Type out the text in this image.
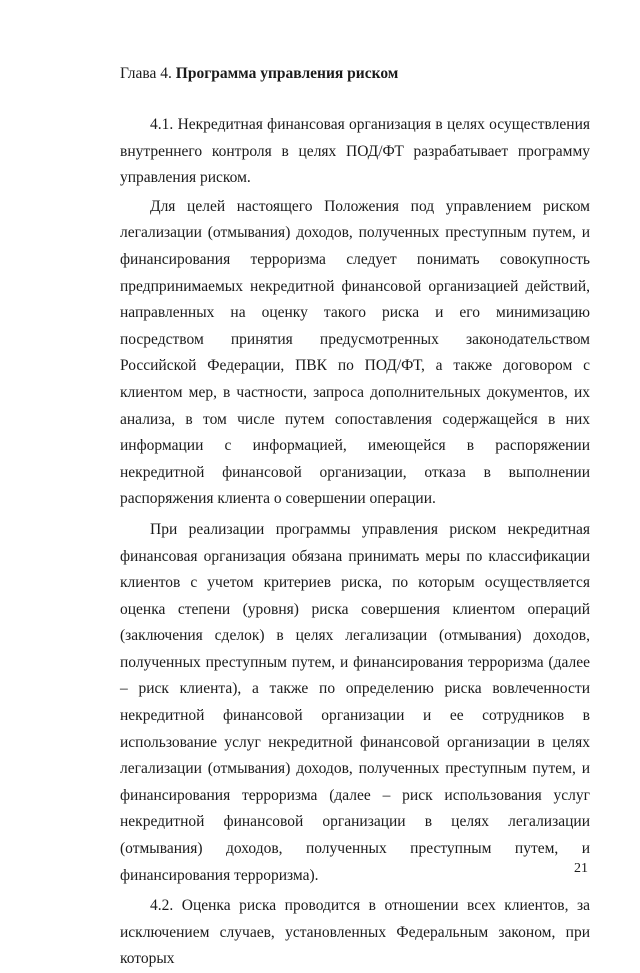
Глава 4. Программа управления риском

4.1. Некредитная финансовая организация в целях осуществления внутреннего контроля в целях ПОД/ФТ разрабатывает программу управления риском.

Для целей настоящего Положения под управлением риском легализации (отмывания) доходов, полученных преступным путем, и финансирования терроризма следует понимать совокупность предпринимаемых некредитной финансовой организацией действий, направленных на оценку такого риска и его минимизацию посредством принятия предусмотренных законодательством Российской Федерации, ПВК по ПОД/ФТ, а также договором с клиентом мер, в частности, запроса дополнительных документов, их анализа, в том числе путем сопоставления содержащейся в них информации с информацией, имеющейся в распоряжении некредитной финансовой организации, отказа в выполнении распоряжения клиента о совершении операции.

При реализации программы управления риском некредитная финансовая организация обязана принимать меры по классификации клиентов с учетом критериев риска, по которым осуществляется оценка степени (уровня) риска совершения клиентом операций (заключения сделок) в целях легализации (отмывания) доходов, полученных преступным путем, и финансирования терроризма (далее – риск клиента), а также по определению риска вовлеченности некредитной финансовой организации и ее сотрудников в использование услуг некредитной финансовой организации в целях легализации (отмывания) доходов, полученных преступным путем, и финансирования терроризма (далее – риск использования услуг некредитной финансовой организации в целях легализации (отмывания) доходов, полученных преступным путем, и финансирования терроризма).

4.2. Оценка риска проводится в отношении всех клиентов, за исключением случаев, установленных Федеральным законом, при которых

21
